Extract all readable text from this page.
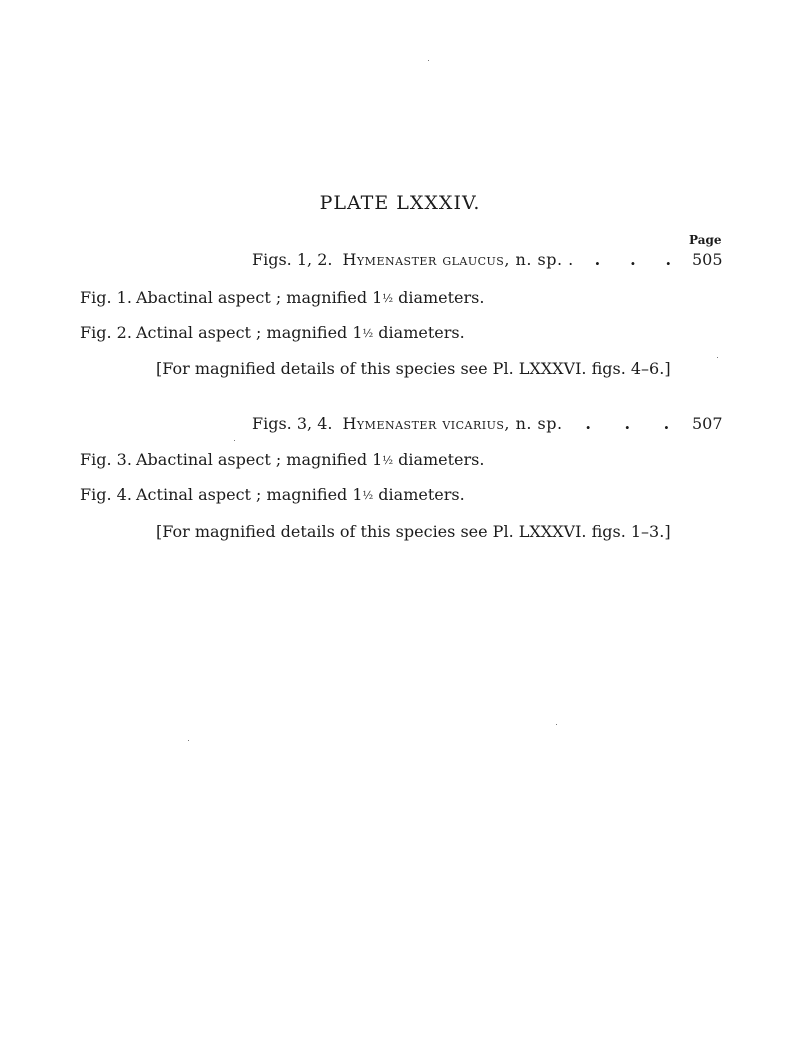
PLATE LXXXIV.
Page
Figs. 1, 2. Hymenaster glaucus, n. sp. . . . . 505
Fig. 1. Abactinal aspect ; magnified 1½ diameters.
Fig. 2. Actinal aspect ; magnified 1½ diameters.
[For magnified details of this species see Pl. LXXXVI. figs. 4–6.]
Figs. 3, 4. Hymenaster vicarius, n. sp. . . . 507
Fig. 3. Abactinal aspect ; magnified 1½ diameters.
Fig. 4. Actinal aspect ; magnified 1½ diameters.
[For magnified details of this species see Pl. LXXXVI. figs. 1–3.]
